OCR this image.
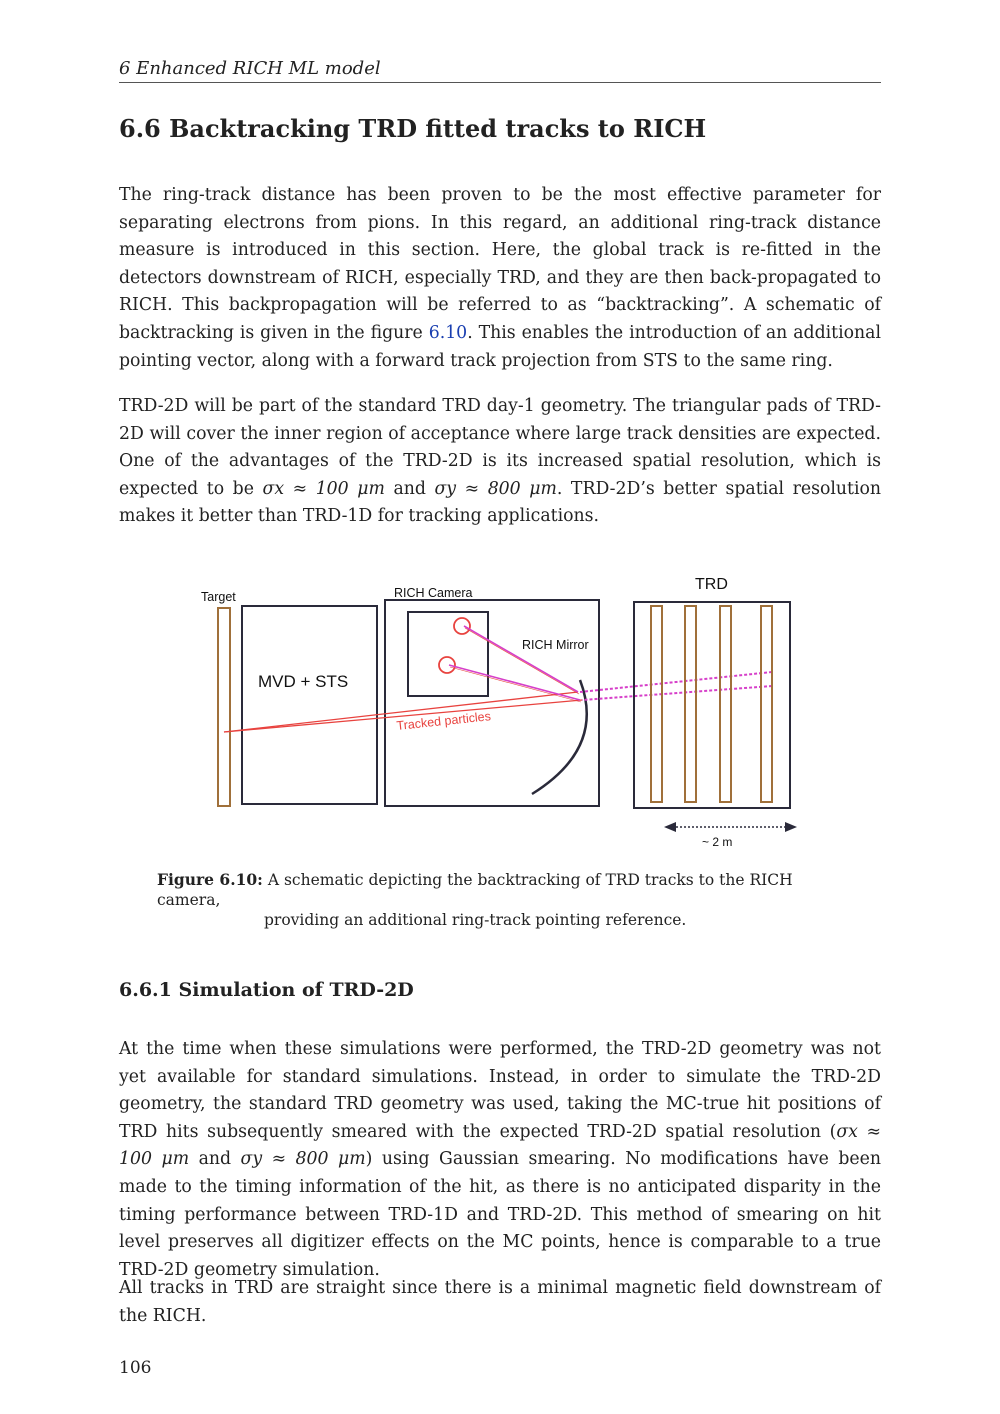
6 Enhanced RICH ML model
6.6 Backtracking TRD fitted tracks to RICH

The ring-track distance has been proven to be the most effective parameter for separating electrons from pions. In this regard, an additional ring-track distance measure is introduced in this section. Here, the global track is re-fitted in the detectors downstream of RICH, especially TRD, and they are then back-propagated to RICH. This backpropagation will be referred to as “backtracking”. A schematic of backtracking is given in the figure 6.10. This enables the introduction of an additional pointing vector, along with a forward track projection from STS to the same ring.

TRD-2D will be part of the standard TRD day-1 geometry. The triangular pads of TRD-2D will cover the inner region of acceptance where large track densities are expected. One of the advantages of the TRD-2D is its increased spatial resolution, which is expected to be σx ≈ 100 μm and σy ≈ 800 μm. TRD-2D’s better spatial resolution makes it better than TRD-1D for tracking applications.

Target
MVD + STS
RICH Camera
RICH Mirror
Tracked particles
TRD
~ 2 m
Figure 6.10: A schematic depicting the backtracking of TRD tracks to the RICH camera,
providing an additional ring-track pointing reference.
6.6.1 Simulation of TRD-2D

At the time when these simulations were performed, the TRD-2D geometry was not yet available for standard simulations. Instead, in order to simulate the TRD-2D geometry, the standard TRD geometry was used, taking the MC-true hit positions of TRD hits subsequently smeared with the expected TRD-2D spatial resolution (σx ≈ 100 μm and σy ≈ 800 μm) using Gaussian smearing. No modifications have been made to the timing information of the hit, as there is no anticipated disparity in the timing performance between TRD-1D and TRD-2D. This method of smearing on hit level preserves all digitizer effects on the MC points, hence is comparable to a true TRD-2D geometry simulation.

All tracks in TRD are straight since there is a minimal magnetic field downstream of the RICH.

106
